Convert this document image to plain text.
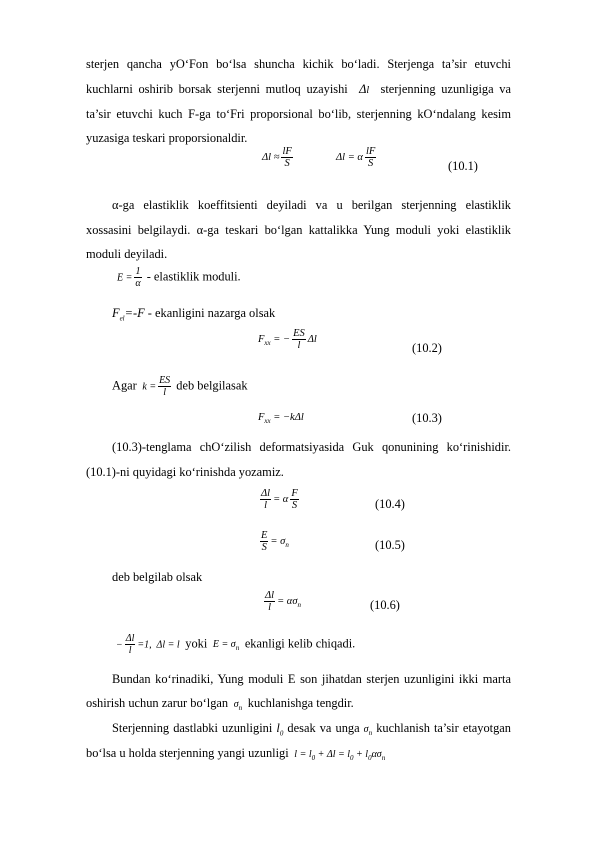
sterjen qancha yO‘Fon bo‘lsa shuncha kichik bo‘ladi. Sterjenga ta’sir etuvchi
kuchlarni oshirib borsak sterjenni mutloq uzayishi  Δl sterjenning uzunligiga va
ta’sir etuvchi kuch F-ga to‘Fri proporsional bo‘lib, sterjenning kO‘ndalang kesim
yuzasiga teskari proporsionaldir.
$\Delta l \approx \frac{lF}{S}$	Δl = α $\frac{lF}{S}$	(10.1)
α-ga elastiklik koeffitsienti deyiladi va u berilgan sterjenning elastiklik
xossasini belgilaydi. α-ga teskari bo‘lgan kattalikka Yung moduli yoki elastiklik
moduli deyiladi.
$E = \frac{1}{\alpha}$ - elastiklik moduli.
$F_{el}=-F$ - ekanligini nazarga olsak
$F_{xx}$ = − $\frac{ES}{l}$ Δl
(10.2)
Agar  $k = \frac{ES}{l}$ deb belgilasak
$F_{xx} = -k\Delta l$	(10.3)
(10.3)-tenglama chO‘zilish deformatsiyasida Guk qonunining ko‘rinishidir.
(10.1)-ni quyidagi ko‘rinishda yozamiz.
$\frac{\Delta l}{l} = \alpha \frac{F}{S}$	(10.4)
$\frac{E}{S} = \sigma_n$	(10.5)
deb belgilab olsak
$\frac{\Delta l}{l} = \alpha\sigma_n$	(10.6)
− $\frac{\Delta l}{l} =1$,  Δl = l  yoki  $E = \sigma_n$ ekanligi kelib chiqadi.
Bundan ko‘rinadiki, Yung moduli E son jihatdan sterjen uzunligini ikki marta
oshirish uchun zarur bo‘lgan  $\sigma_n$ kuchlanishga tengdir.
Sterjenning dastlabki uzunligini $l_0$ desak va unga $\sigma_n$ kuchlanish ta’sir etayotgan
bo‘lsa u holda sterjenning yangi uzunligi  $l = l_0 + \Delta l = l_0 + l_0\alpha\sigma_n$
